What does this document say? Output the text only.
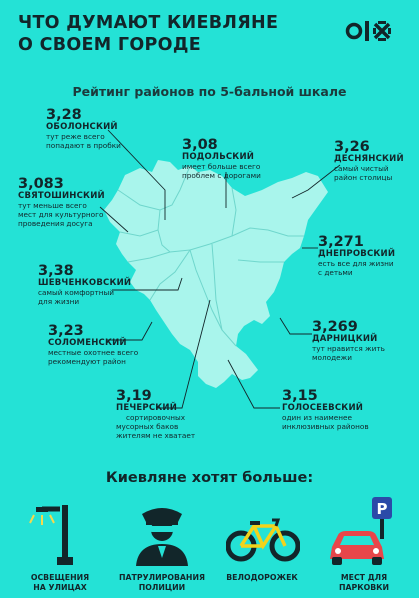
ЧТО ДУМАЮТ КИЕВЛЯНЕ
О СВОЕМ ГОРОДЕ
Рейтинг районов по 5-бальной шкале
3,28
ОБОЛОНСКИЙ
тут реже всего
попадают в пробки	3,08
ПОДОЛЬСКИЙ
имеет больше всего
проблем с дорогами
3,26
ДЕСНЯНСКИЙ
самый чистый
район столицы
3,083
СВЯТОШИНСКИЙ
тут меньше всего
мест для культурного
проведения досуга
3,271
ДНЕПРОВСКИЙ
есть все для жизни
с детьми
3,38
ШЕВЧЕНКОВСКИЙ
самый комфортный
для жизни
3,269
ДАРНИЦКИЙ
тут нравится жить
молодежи
3,23
СОЛОМЕНСКИЙ
местные охотнее всего
рекомендуют район
3,19
ПЕЧЕРСКИЙ
сортировочных
мусорных баков
жителям не хватает
3,15
ГОЛОСЕЕВСКИЙ
один из наименее
инклюзивных районов
Киевляне хотят больше:
ОСВЕЩЕНИЯ
НА УЛИЦАХ
ПАТРУЛИРОВАНИЯ
ПОЛИЦИИ
ВЕЛОДОРОЖЕК
P
МЕСТ ДЛЯ
ПАРКОВКИ
